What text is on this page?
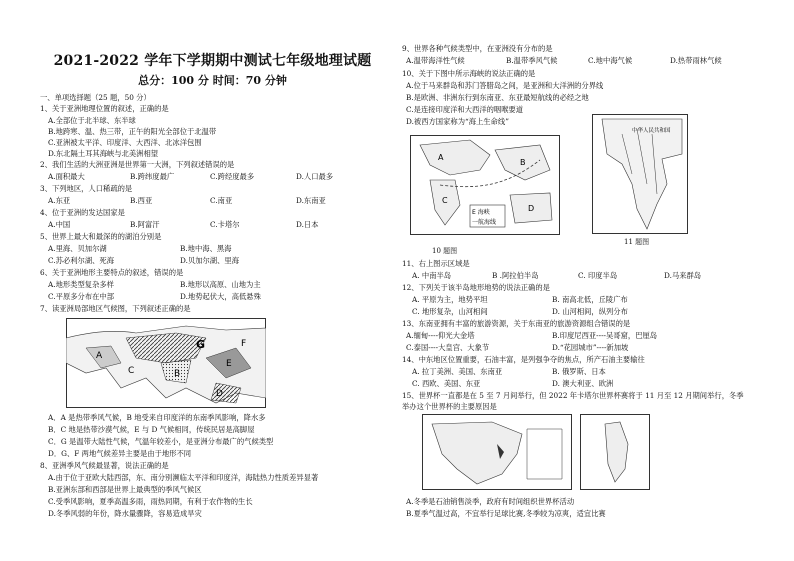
2021-2022 学年下学期期中测试七年级地理试题
总分：100 分 时间：70 分钟
一、单项选择题（25 题，50 分）
1、关于亚洲地理位置的叙述，正确的是
A.全部位于北半球、东半球
B.地跨寒、温、热三带，正午的阳光全部位于北温带
C.亚洲被太平洋、印度洋、大西洋、北冰洋包围
D.东北隔土耳其海峡与北美洲相望
2、我们生活的大洲亚洲是世界第一大洲，下列叙述错误的是
A.面积最大	B.跨纬度最广	C.跨经度最多	D.人口最多
3、下列地区，人口稀疏的是
A.东亚	B.西亚	C.南亚	D.东南亚
4、位于亚洲的发达国家是
A.中国	B.阿富汗	C.卡塔尔	D.日本
5、世界上最大和最深的的湖泊分别是
A.里海、贝加尔湖	B.地中海、黑海
C.苏必利尔湖、死海	D.贝加尔湖、里海
6、关于亚洲地形主要特点的叙述，错误的是
A.地形类型复杂多样	B.地形以高原、山地为主
C.平原多分布在中部	D.地势起伏大，高低悬殊
7、读亚洲局部地区气候图，下列叙述正确的是
A
B
C
D
E
F
G
A．A 是热带季风气候，B 地受来自印度洋的东南季风影响，降水多
B．C 地是热带沙漠气候，E 与 D 气候相同，传统民居是高脚屋
C．G 是温带大陆性气候，气温年较差小，是亚洲分布最广的气候类型
D．G、F 两地气候差异主要是由于地形不同
8、亚洲季风气候最显著，说法正确的是
A.由于位于亚欧大陆西部，东、南分别濒临太平洋和印度洋，海陆热力性质差异显著
B.亚洲东部和西部是世界上最典型的季风气候区
C.受季风影响，夏季高温多雨，雨热同期，有利于农作物的生长
D.冬季风弱的年份，降水量骤降，容易造成旱灾
9、世界各种气候类型中，在亚洲没有分布的是
A.温带海洋性气候	B.温带季风气候	C.地中海气候	D.热带雨林气候
10、关于下图中所示海峡的说法正确的是
A.位于马来群岛和苏门答腊岛之间，是亚洲和大洋洲的分界线
B.是欧洲、非洲东行到东南亚、东亚最短航线的必经之地
C.是连接印度洋和大西洋的咽喉要道
D.被西方国家称为“海上生命线”
A
B
C
D
E 海峡
一航海线
10 题图
中华人民共和国
11 题图
11、右上图示区域是
A. 中南半岛	B .阿拉伯半岛	C. 印度半岛	D.马来群岛
12、下列关于该半岛地形地势的说法正确的是
A. 平原为主，地势平坦	B. 南高北低，丘陵广布
C. 地形复杂，山河相间	D. 山河相间，纵列分布
13、东南亚拥有丰富的旅游资源，关于东南亚的旅游资源组合错误的是
A.缅甸----仰光大金塔	B.印度尼西亚----吴哥窟，巴厘岛
C.泰国----大皇宫、大象节	D.“花园城市”----新加坡
14、中东地区位置重要，石油丰富，是列强争夺的焦点，所产石油主要输往
A. 拉丁美洲、美国、东南亚	B. 俄罗斯、日本
C. 西欧、美国、东亚	D. 澳大利亚、欧洲
15、世界杯一直都是在 5 至 7 月间举行，但 2022 年卡塔尔世界杯赛将于 11 月至 12 月期间举行，冬季
举办这个世界杯的主要原因是
A.冬季是石油销售淡季，政府有时间组织世界杯活动
B.夏季气温过高，不宜举行足球比赛,冬季较为凉爽，适宜比赛
